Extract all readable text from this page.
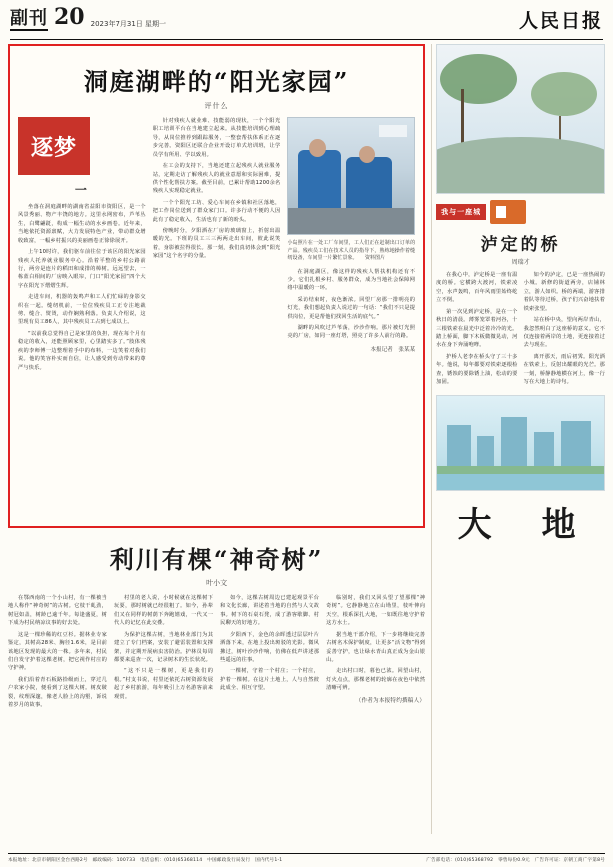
副刊 20 2023年7月31日 星期一	人民日报
洞庭湖畔的“阳光家园”
评什么
逐梦
一

坐落在洞庭湖畔的湖南省益阳市资阳区，是一个风景秀丽、物产丰饶的地方。这里水网密布，芦苇丛生，白鹭翩跹，构成一幅生动的水乡画卷。近年来，当地依托资源禀赋，大力发展特色产业，带动群众增收致富，一幅乡村振兴的美丽画卷正徐徐展开。

上午10时许，我们驱车前往位于该区的阳光家园残疾人托养就业服务中心。沿着平整的乡村公路前行，两旁是连片的稻田和成排的樟树。远远望去，一栋蓝白相间的厂房映入眼帘，门口“阳光家园”四个大字在阳光下熠熠生辉。

走进车间，机器的轰鸣声和工人们忙碌的身影交织在一起。缝纫机前，一位位残疾员工正专注地裁剪、缝合、熨烫，动作娴熟利落。负责人介绍说，这里现有员工86人，其中残疾员工占到七成以上。

“以前我总觉得自己是家里的负担，现在每个月有稳定的收入，还能照顾家里，心里踏实多了。”肢体残疾的李师傅一边整理着手中的布料，一边笑着对我们说。他的笑容朴实而自信，让人感受到劳动带来的尊严与快乐。

针对残疾人就业难、技能弱的现状，一个个阳光职工培训平台在当地建立起来。从技能培训到心理疏导，从岗位推荐到跟踪服务，一整套帮扶体系正在逐步完善。资阳区还联合企业开设订单式培训班，让学员学有所用、学以致用。

在工会的支持下，当地还建立起残疾人就业服务站，定期走访了解残疾人的就业意愿和实际困难，提供个性化帮扶方案。截至目前，已累计帮助1200余名残疾人实现稳定就业。

一个个阳光工坊、爱心车间在乡镇和社区落地，把工作岗位送到了群众家门口。许多行动不便的人因此有了稳定收入，生活也有了新的盼头。

傍晚时分，夕阳洒在厂房的玻璃窗上，折射出温暖的光。下班的员工三三两两走出车间，彼此说笑着，身影被拉得很长。那一刻，我们真切体会到“阳光家园”这个名字的分量。

小岛照片在一处工厂车间里，工人们正在赶制出口订单的产品。残疾员工们在技术人员的指导下，熟练地操作着缝纫设备，车间里一片繁忙景象。　　资料图片

在洞庭湖区，像这样的残疾人帮扶机构还有不少。它们扎根乡村、服务群众，成为当地社会保障网络中温暖的一环。

采访结束时，夜色渐浓。回望厂房那一排明亮的灯光，我们想起负责人说过的一句话：“我们不只是提供岗位，更是帮他们找回生活的底气。”

湖畔的风吹过芦苇荡，沙沙作响。那片被灯光照亮的厂房，如同一座灯塔，照亮了许多人前行的路。

本报记者　张某某
利川有棵“神奇树”
叶小文

在鄂西南的一个小山村，有一棵被当地人称作“神奇树”的古树。它枝干虬劲，树冠如盖，树龄已逾千年。每逢盛夏，树下成为村民纳凉议事的好去处。

这是一棵珍稀的红豆杉。据林业专家鉴定，其树高28米、胸径1.6米，是目前该地区发现的最大的一株。多年来，村民们自发守护着这棵老树，把它视作村庄的守护神。

我们沿着青石板路拾级而上，穿过几户农家小院，便看到了这棵大树。树皮皲裂，纹理深邃，像老人脸上的沟壑，诉说着岁月的故事。

村里的老人说，小时候就在这棵树下玩耍，那时树就已经很粗了。如今，孙辈们又在同样的树荫下奔跑嬉戏，一代又一代人的记忆在此交叠。

为保护这棵古树，当地林业部门为其建立了专门档案，安装了避雷装置和支撑架，并定期开展病虫害防治。护林员每周都要来巡查一次，记录树木的生长状况。

“这不只是一棵树，更是我们的根。”村支书说，村里还依托古树资源发展起了乡村旅游，每年吸引上万名游客前来观赏。

如今，这棵古树周边已建起观景平台和文化长廊，讲述着当地的自然与人文故事。树下的石桌石凳，成了游客歇脚、村民聊天的好地方。

夕阳西下，金色的余晖透过层层叶片洒落下来，在地上投出斑驳的光影。微风拂过，树叶沙沙作响，仿佛在低声讲述那些遥远的往事。

一棵树，守着一个村庄；一个村庄，护着一棵树。在这片土地上，人与自然彼此成全、相互守望。

临别时，我们又回头望了望那棵“神奇树”。它静静地立在山坳里，枝叶伸向天空，根系深扎大地，一如既往地守护着这方水土。

据当地干部介绍，下一步将继续完善古树名木保护制度，让更多“活文物”得到妥善守护，也让绿水青山真正成为金山银山。

走出村口时，暮色已浓。回望山村，灯火点点，那棵老树的轮廓在夜色中依然清晰可辨。

（作者为本报特约撰稿人）
我与一座城
泸定的桥
周瑞才

在我心中，泸定桥是一座有温度的桥。它横跨大渡河，铁索凌空，水声轰鸣，百年风雨里始终屹立不倒。

第一次见到泸定桥，是在一个秋日的清晨。薄雾笼罩着河谷，十三根铁索在晨光中泛着冷冷的光。踏上桥面，脚下木板微微晃动，河水在身下奔涌咆哮。

护桥人老李在桥头守了三十多年。他说，每年都要对铁索逐根检查，锈蚀的要除锈上油，松动的要加固。

如今的泸定，已是一座热闹的小城。新修的街道两旁，店铺林立，游人如织。桥的两端，游客排着队等待过桥，孩子们兴奋地扶着铁索张望。

站在桥中央，望向两岸青山，我忽然明白了这座桥的意义。它不仅连接着两岸的土地，更连接着过去与现在。

离开那天，雨后初霁。阳光洒在铁索上，反射出耀眼的光芒。那一刻，桥静静地横在河上，像一行写在大地上的诗句。

大　地
本报地址：北京市朝阳区金台西路2号　邮政编码：100733　电话总机：(010)65368114　中国邮政发行局发行　国内代号1-1	广告部电话：(010)65368792　零售每份0.9元　广告许可证：京朝工商广字第8号
